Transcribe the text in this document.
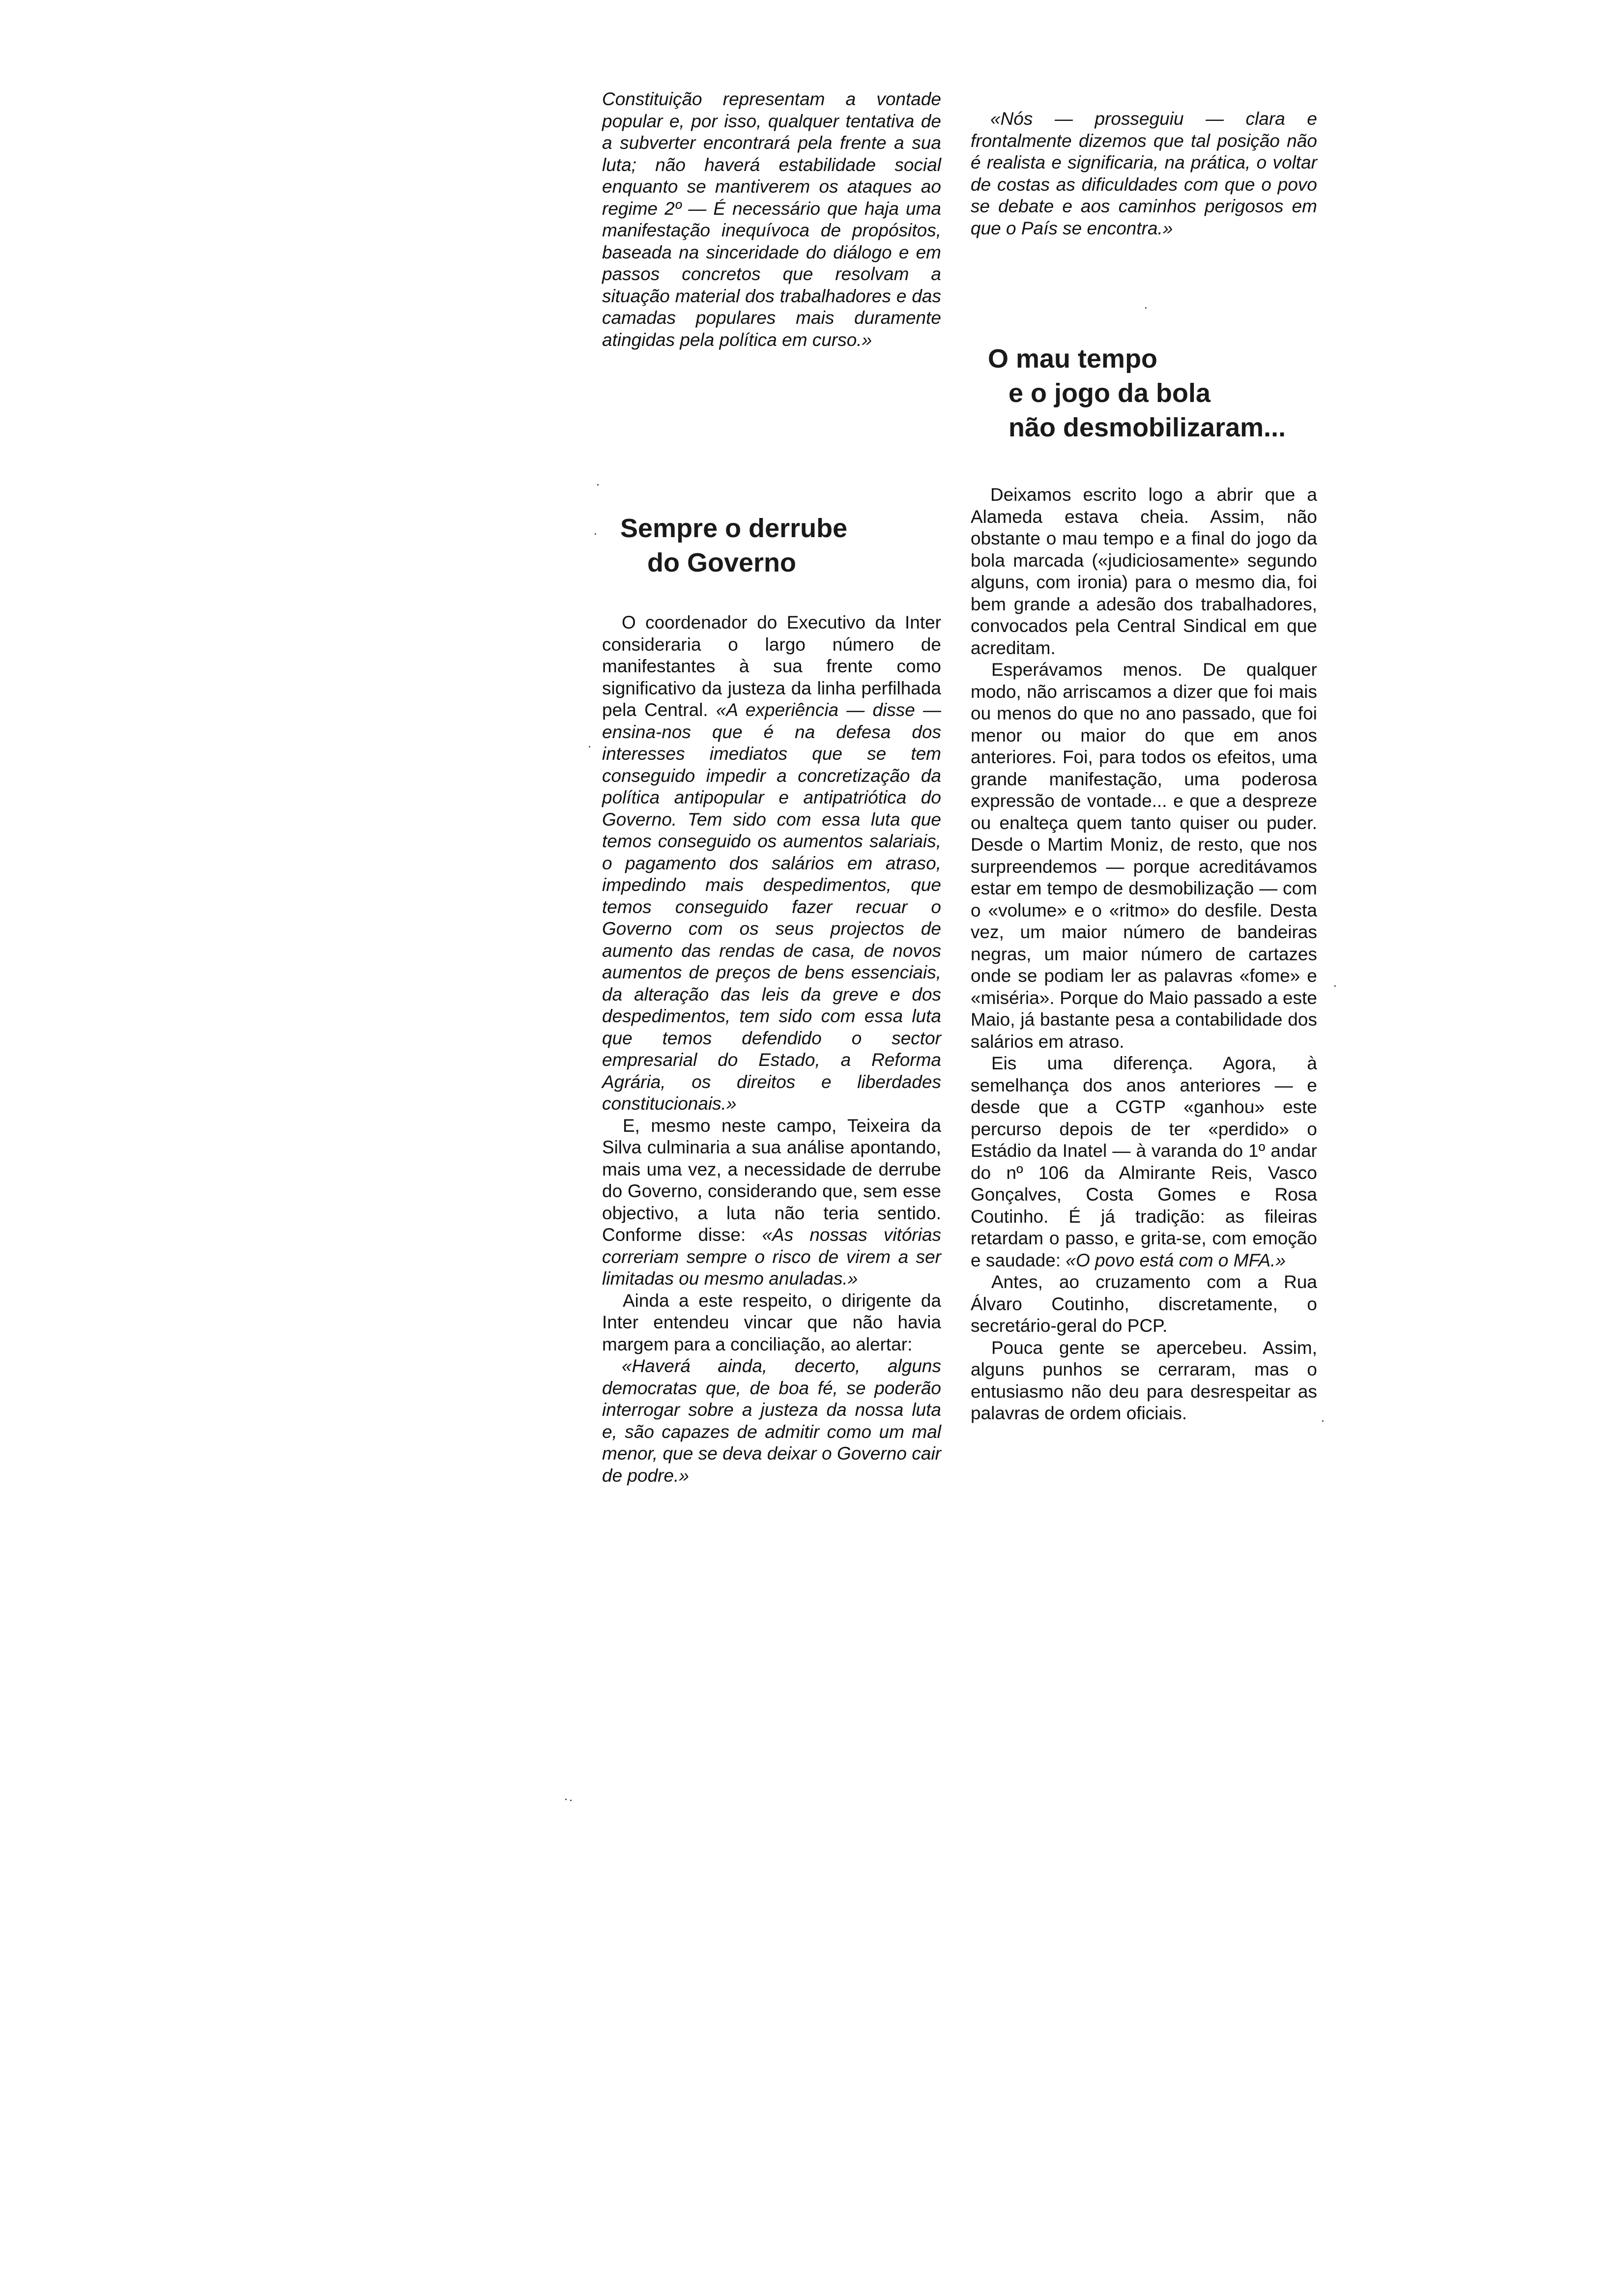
Constituição representam a vontade popular e, por isso, qualquer tentativa de a subverter encontrará pela frente a sua luta; não haverá estabilidade social enquanto se mantiverem os ataques ao regime 2º — É necessário que haja uma manifestação inequívoca de propósitos, baseada na sinceridade do diálogo e em passos concretos que resolvam a situação material dos trabalhadores e das camadas populares mais duramente atingidas pela política em curso.»

Sempre o derrube
do Governo

O coordenador do Executivo da Inter consideraria o largo número de manifestantes à sua frente como significativo da justeza da linha perfilhada pela Central. «A experiência — disse — ensina-nos que é na defesa dos interesses imediatos que se tem conseguido impedir a concretização da política antipopular e antipatriótica do Governo. Tem sido com essa luta que temos conseguido os aumentos salariais, o pagamento dos salários em atraso, impedindo mais despedimentos, que temos conseguido fazer recuar o Governo com os seus projectos de aumento das rendas de casa, de novos aumentos de preços de bens essenciais, da alteração das leis da greve e dos despedimentos, tem sido com essa luta que temos defendido o sector empresarial do Estado, a Reforma Agrária, os direitos e liberdades constitucionais.»

E, mesmo neste campo, Teixeira da Silva culminaria a sua análise apontando, mais uma vez, a necessidade de derrube do Governo, considerando que, sem esse objectivo, a luta não teria sentido. Conforme disse: «As nossas vitórias correriam sempre o risco de virem a ser limitadas ou mesmo anuladas.»

Ainda a este respeito, o dirigente da Inter entendeu vincar que não havia margem para a conciliação, ao alertar:

«Haverá ainda, decerto, alguns democratas que, de boa fé, se poderão interrogar sobre a justeza da nossa luta e, são capazes de admitir como um mal menor, que se deva deixar o Governo cair de podre.»

«Nós — prosseguiu — clara e frontalmente dizemos que tal posição não é realista e significaria, na prática, o voltar de costas as dificuldades com que o povo se debate e aos caminhos perigosos em que o País se encontra.»

O mau tempo
e o jogo da bola
não desmobilizaram...

Deixamos escrito logo a abrir que a Alameda estava cheia. Assim, não obstante o mau tempo e a final do jogo da bola marcada («judiciosamente» segundo alguns, com ironia) para o mesmo dia, foi bem grande a adesão dos trabalhadores, convocados pela Central Sindical em que acreditam.

Esperávamos menos. De qualquer modo, não arriscamos a dizer que foi mais ou menos do que no ano passado, que foi menor ou maior do que em anos anteriores. Foi, para todos os efeitos, uma grande manifestação, uma poderosa expressão de vontade... e que a despreze ou enalteça quem tanto quiser ou puder. Desde o Martim Moniz, de resto, que nos surpreendemos — porque acreditávamos estar em tempo de desmobilização — com o «volume» e o «ritmo» do desfile. Desta vez, um maior número de bandeiras negras, um maior número de cartazes onde se podiam ler as palavras «fome» e «miséria». Porque do Maio passado a este Maio, já bastante pesa a contabilidade dos salários em atraso.

Eis uma diferença. Agora, à semelhança dos anos anteriores — e desde que a CGTP «ganhou» este percurso depois de ter «perdido» o Estádio da Inatel — à varanda do 1º andar do nº 106 da Almirante Reis, Vasco Gonçalves, Costa Gomes e Rosa Coutinho. É já tradição: as fileiras retardam o passo, e grita-se, com emoção e saudade: «O povo está com o MFA.»

Antes, ao cruzamento com a Rua Álvaro Coutinho, discretamente, o secretário-geral do PCP.

Pouca gente se apercebeu. Assim, alguns punhos se cerraram, mas o entusiasmo não deu para desrespeitar as palavras de ordem oficiais.
